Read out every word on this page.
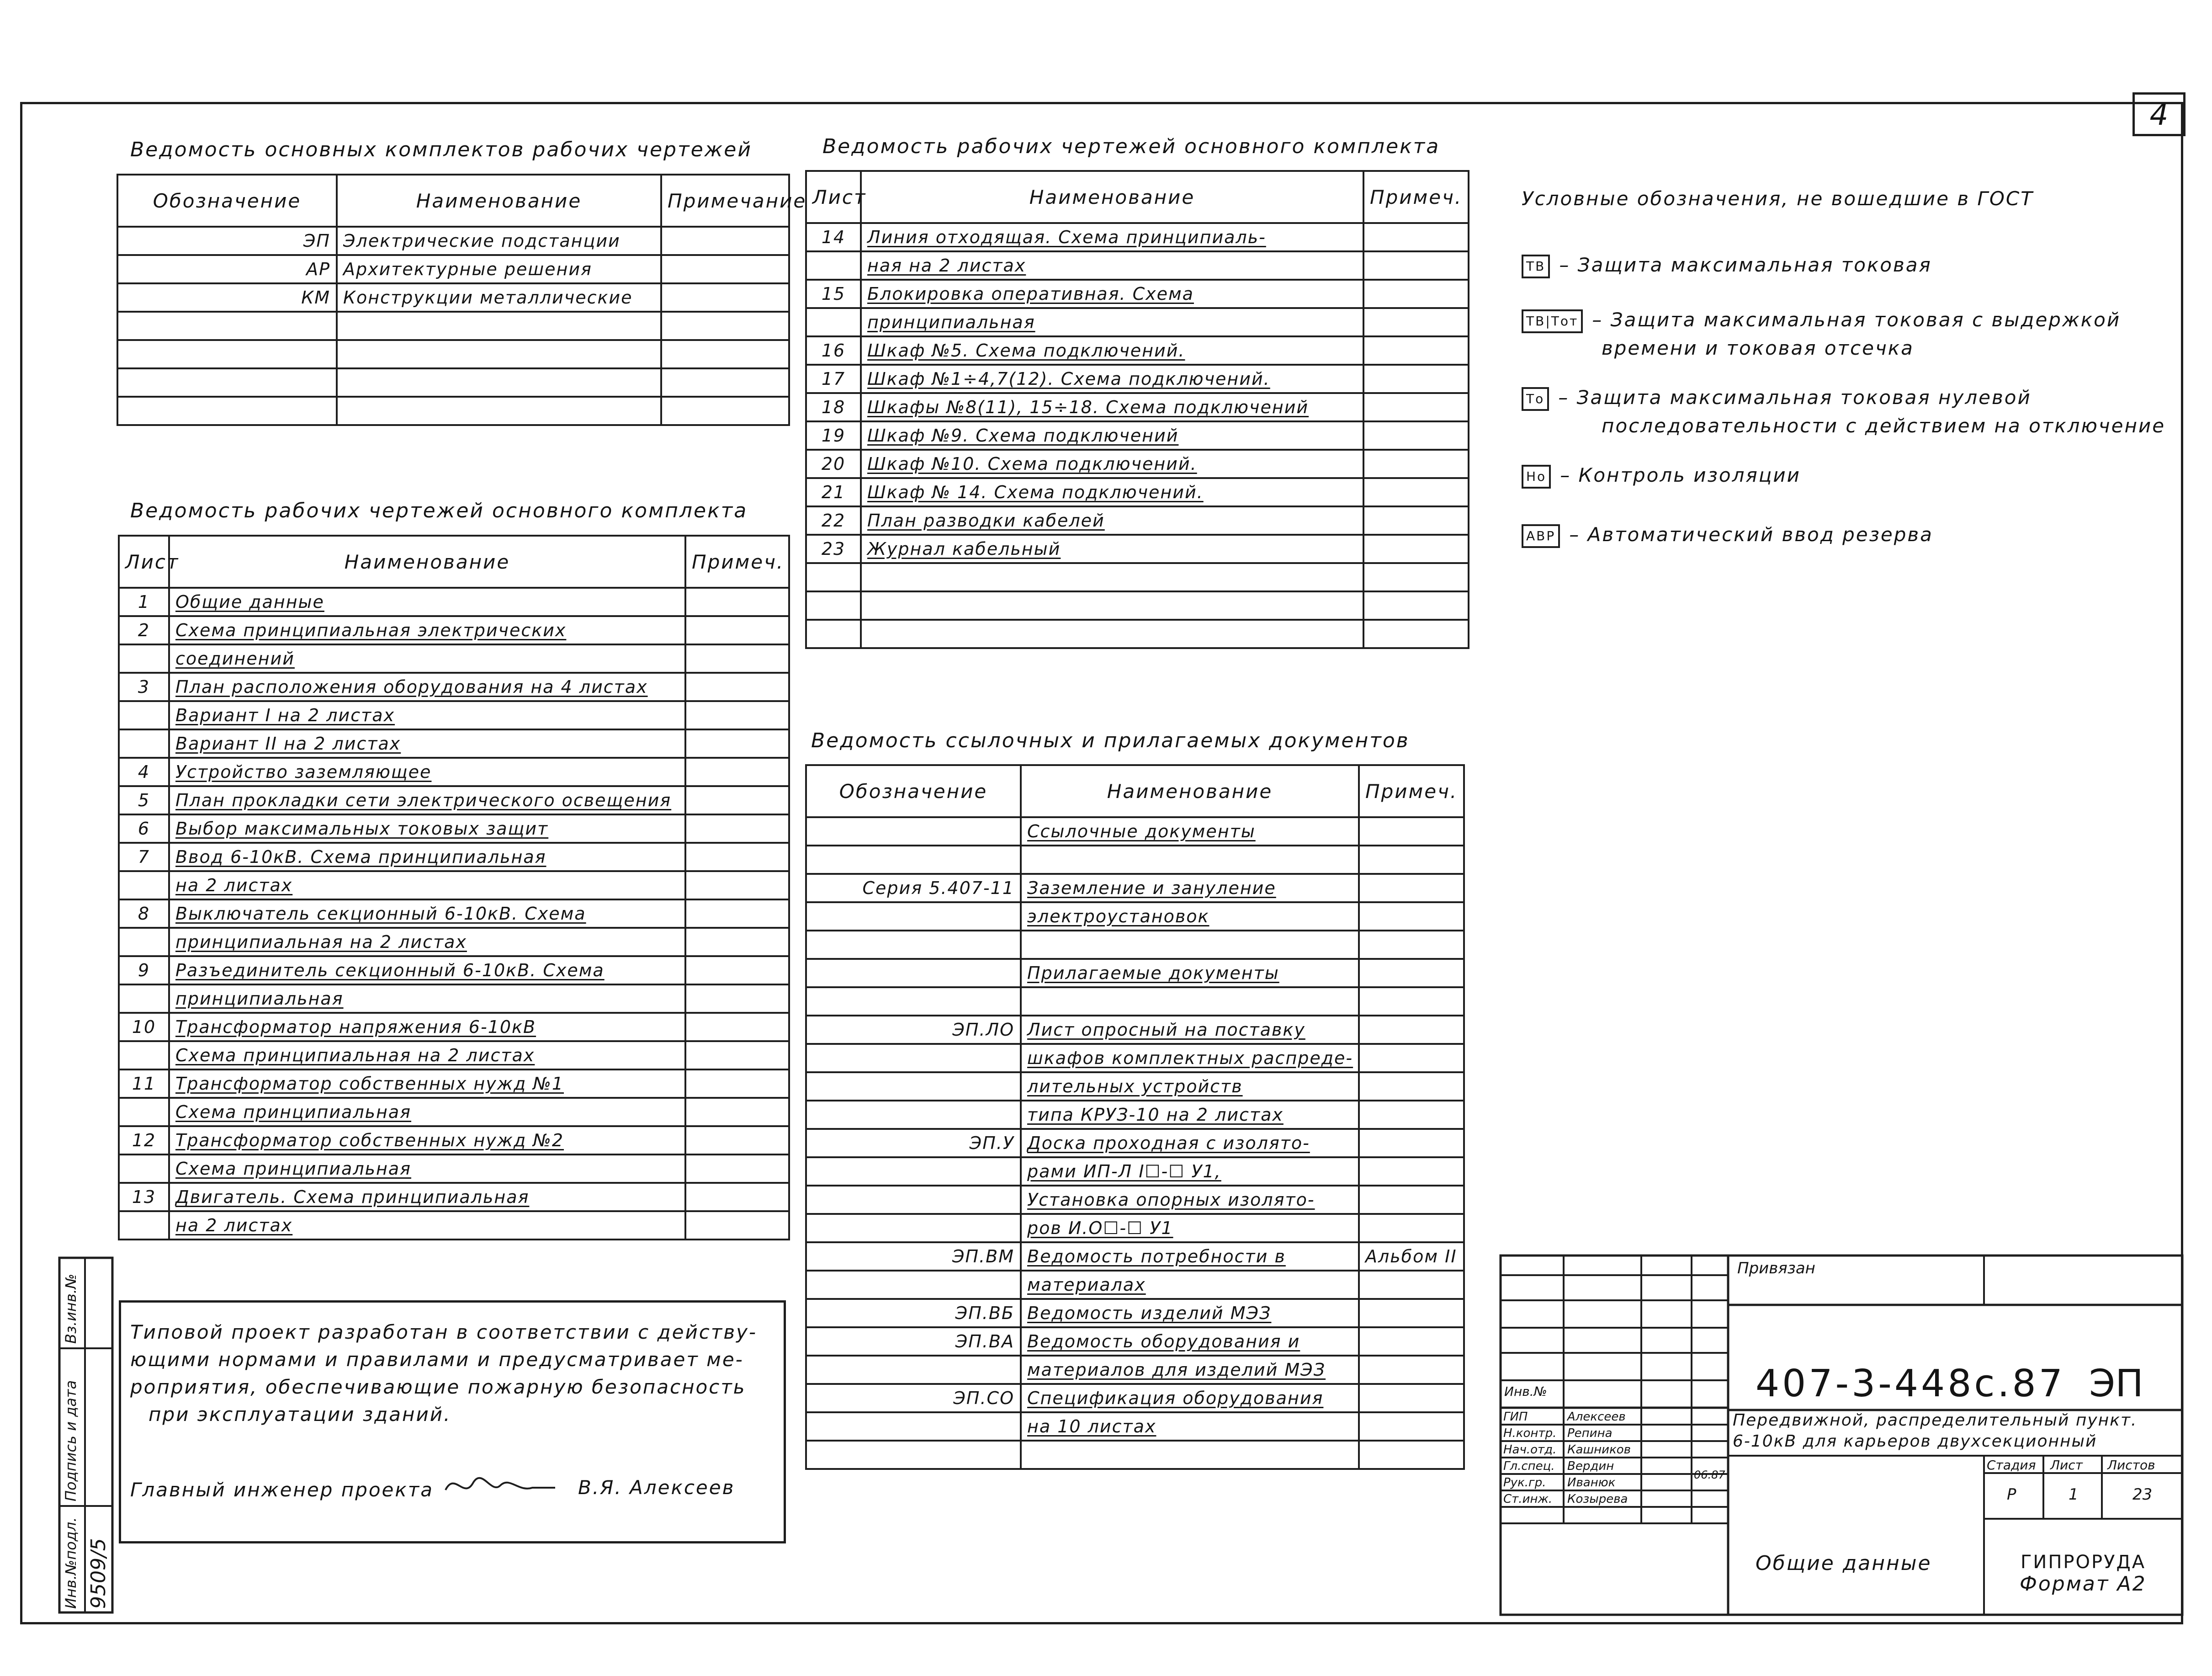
4
Ведомость основных комплектов рабочих чертежей
Обозначение	Наименование	Примечание
ЭП	Электрические подстанции	
АР	Архитектурные решения	
КМ	Конструкции металлические	

Ведомость рабочих чертежей основного комплекта
Лист	Наименование	Примеч.
1	Общие данные	
2	Схема принципиальная электрических	
	соединений	
3	План расположения оборудования на 4 листах	
	Вариант I на 2 листах	
	Вариант II на 2 листах	
4	Устройство заземляющее	
5	План прокладки сети электрического освещения	
6	Выбор максимальных токовых защит	
7	Ввод 6-10кВ. Схема принципиальная	
	на 2 листах	
8	Выключатель секционный 6-10кВ. Схема	
	принципиальная на 2 листах	
9	Разъединитель секционный 6-10кВ. Схема	
	принципиальная	
10	Трансформатор напряжения 6-10кВ	
	Схема принципиальная на 2 листах	
11	Трансформатор собственных нужд №1	
	Схема принципиальная	
12	Трансформатор собственных нужд №2	
	Схема принципиальная	
13	Двигатель. Схема принципиальная	
	на 2 листах	
Ведомость рабочих чертежей основного комплекта
Лист	Наименование	Примеч.
14	Линия отходящая. Схема принципиаль-	
	ная на 2 листах	
15	Блокировка оперативная. Схема	
	принципиальная	
16	Шкаф №5. Схема подключений.	
17	Шкаф №1÷4,7(12). Схема подключений.	
18	Шкафы №8(11), 15÷18. Схема подключений	
19	Шкаф №9. Схема подключений	
20	Шкаф №10. Схема подключений.	
21	Шкаф № 14. Схема подключений.	
22	План разводки кабелей	
23	Журнал кабельный	

Ведомость ссылочных и прилагаемых документов
Обозначение	Наименование	Примеч.
	Ссылочные документы	

Серия 5.407-11	Заземление и зануление	
	электроустановок	

	Прилагаемые документы	

ЭП.ЛО	Лист опросный на поставку	
	шкафов комплектных распреде-	
	лительных устройств	
	типа КРУЗ-10 на 2 листах	
ЭП.У	Доска проходная с изолято-	
	рами ИП-Л I☐-☐ У1,	
	Установка опорных изолято-	
	ров И.О☐-☐ У1	
ЭП.ВМ	Ведомость потребности в	Альбом II
	материалах	
ЭП.ВБ	Ведомость изделий МЭЗ	
ЭП.ВА	Ведомость оборудования и	
	материалов для изделий МЭЗ	
ЭП.СО	Спецификация оборудования	
	на 10 листах	

Условные обозначения, не вошедшие в ГОСТ
ТВ – Защита максимальная токовая
ТВ|Тот – Защита максимальная токовая с выдержкой
времени и токовая отсечка
То – Защита максимальная токовая нулевой
последовательности с действием на отключение
Но – Контроль изоляции
АВР – Автоматический ввод резерва

Типовой проект разработан в соответствии с действу-

ющими нормами и правилами и предусматривает ме-

роприятия, обеспечивающие пожарную безопасность

при эксплуатации зданий.

Главный инженер проекта	В.Я. Алексеев

Инв.№подл.
Подпись и дата
Вз.инв.№
9509/5
Привязан
Инв.№	407-3-448с.87 ЭП
Передвижной, распределительный пункт.
6-10кВ для карьеров двухсекционный
Стадия Лист Листов
Р	1	23
06.87
Общие данные	ГИПРОРУДА
ГИП	Алексеев
Н.контр. Репина
Нач.отд. Кашников
Гл.спец. Вердин
Рук.гр. Иванюк
Ст.инж. Козырева
Формат А2
